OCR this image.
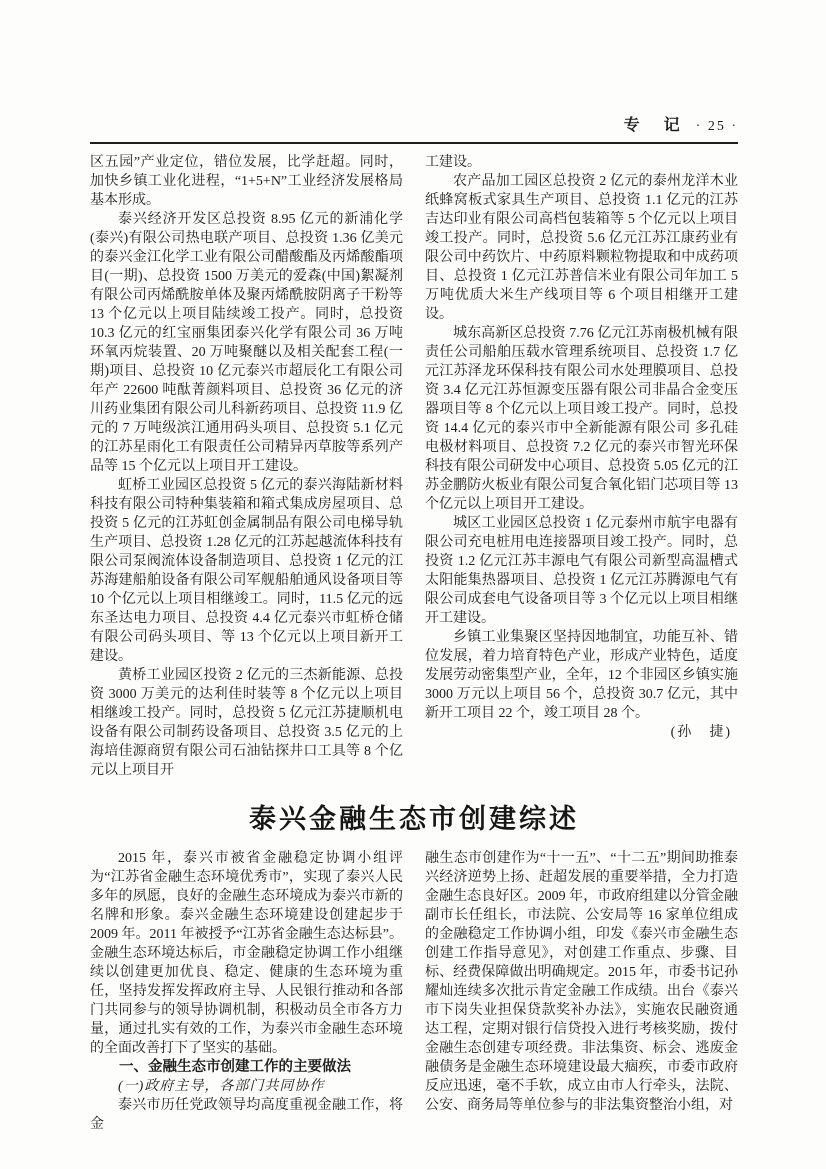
专　记 · 25 ·

区五园”产业定位，错位发展，比学赶超。同时，加快乡镇工业化进程，“1+5+N”工业经济发展格局基本形成。

泰兴经济开发区总投资 8.95 亿元的新浦化学(泰兴)有限公司热电联产项目、总投资 1.36 亿美元的泰兴金江化学工业有限公司醋酸酯及丙烯酸酯项目(一期)、总投资 1500 万美元的爱森(中国)絮凝剂有限公司丙烯酰胺单体及聚丙烯酰胺阴离子干粉等 13 个亿元以上项目陆续竣工投产。同时，总投资 10.3 亿元的红宝丽集团泰兴化学有限公司 36 万吨环氧丙烷装置、20 万吨聚醚以及相关配套工程(一期)项目、总投资 10 亿元泰兴市超辰化工有限公司年产 22600 吨酞菁颜料项目、总投资 36 亿元的济川药业集团有限公司儿科新药项目、总投资 11.9 亿元的 7 万吨级滨江通用码头项目、总投资 5.1 亿元的江苏星雨化工有限责任公司精异丙草胺等系列产品等 15 个亿元以上项目开工建设。

虹桥工业园区总投资 5 亿元的泰兴海陆新材料科技有限公司特种集装箱和箱式集成房屋项目、总投资 5 亿元的江苏虹创金属制品有限公司电梯导轨生产项目、总投资 1.28 亿元的江苏起越流体科技有限公司泵阀流体设备制造项目、总投资 1 亿元的江苏海建船舶设备有限公司军舰船舶通风设备项目等 10 个亿元以上项目相继竣工。同时，11.5 亿元的远东圣达电力项目、总投资 4.4 亿元泰兴市虹桥仓储有限公司码头项目、等 13 个亿元以上项目新开工建设。

黄桥工业园区投资 2 亿元的三杰新能源、总投资 3000 万美元的达利佳时装等 8 个亿元以上项目相继竣工投产。同时，总投资 5 亿元江苏捷顺机电设备有限公司制药设备项目、总投资 3.5 亿元的上海培佳源商贸有限公司石油钻探井口工具等 8 个亿元以上项目开

工建设。

农产品加工园区总投资 2 亿元的泰州龙洋木业纸蜂窝板式家具生产项目、总投资 1.1 亿元的江苏吉达印业有限公司高档包装箱等 5 个亿元以上项目竣工投产。同时，总投资 5.6 亿元江苏江康药业有限公司中药饮片、中药原料颗粒物提取和中成药项目、总投资 1 亿元江苏普信米业有限公司年加工 5 万吨优质大米生产线项目等 6 个项目相继开工建设。

城东高新区总投资 7.76 亿元江苏南极机械有限责任公司船舶压载水管理系统项目、总投资 1.7 亿元江苏泽龙环保科技有限公司水处理膜项目、总投资 3.4 亿元江苏恒源变压器有限公司非晶合金变压器项目等 8 个亿元以上项目竣工投产。同时，总投资 14.4 亿元的泰兴市中全新能源有限公司 多孔硅电极材料项目、总投资 7.2 亿元的泰兴市智光环保科技有限公司研发中心项目、总投资 5.05 亿元的江苏金鹏防火板业有限公司复合氧化铝门芯项目等 13 个亿元以上项目开工建设。

城区工业园区总投资 1 亿元泰州市航宇电器有限公司充电桩用电连接器项目竣工投产。同时，总投资 1.2 亿元江苏丰源电气有限公司新型高温槽式太阳能集热器项目、总投资 1 亿元江苏腾源电气有限公司成套电气设备项目等 3 个亿元以上项目相继开工建设。

乡镇工业集聚区坚持因地制宜，功能互补、错位发展，着力培育特色产业，形成产业特色，适度发展劳动密集型产业，全年，12 个非园区乡镇实施 3000 万元以上项目 56 个，总投资 30.7 亿元，其中新开工项目 22 个，竣工项目 28 个。

(孙　捷)

泰兴金融生态市创建综述

2015 年，泰兴市被省金融稳定协调小组评为“江苏省金融生态环境优秀市”，实现了泰兴人民多年的夙愿，良好的金融生态环境成为泰兴市新的名牌和形象。泰兴金融生态环境建设创建起步于 2009 年。2011 年被授予“江苏省金融生态达标县”。金融生态环境达标后，市金融稳定协调工作小组继续以创建更加优良、稳定、健康的生态环境为重任，坚持发挥发挥政府主导、人民银行推动和各部门共同参与的领导协调机制，积极动员全市各方力量，通过扎实有效的工作，为泰兴市金融生态环境的全面改善打下了坚实的基础。

一、金融生态市创建工作的主要做法

(一)政府主导，各部门共同协作

泰兴市历任党政领导均高度重视金融工作，将金

融生态市创建作为“十一五”、“十二五”期间助推泰兴经济逆势上扬、赶超发展的重要举措，全力打造金融生态良好区。2009 年，市政府组建以分管金融副市长任组长，市法院、公安局等 16 家单位组成的金融稳定工作协调小组，印发《泰兴市金融生态创建工作指导意见》，对创建工作重点、步骤、目标、经费保障做出明确规定。2015 年，市委书记孙耀灿连续多次批示肯定金融工作成绩。出台《泰兴市下岗失业担保贷款奖补办法》，实施农民融资通达工程，定期对银行信贷投入进行考核奖励，拨付金融生态创建专项经费。非法集资、标会、逃废金融债务是金融生态环境建设最大痼疾，市委市政府反应迅速，毫不手软，成立由市人行牵头，法院、公安、商务局等单位参与的非法集资整治小组，对
